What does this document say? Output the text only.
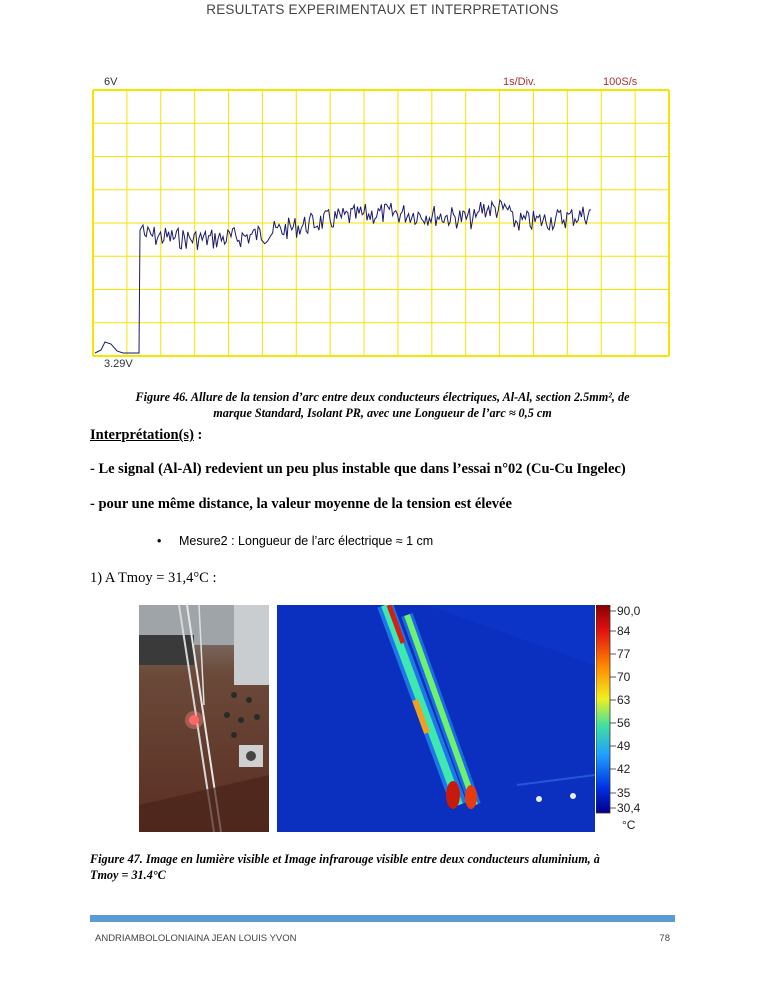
RESULTATS EXPERIMENTAUX ET INTERPRETATIONS
6V	1s/Div.	100S/s
3.29V
Figure 46. Allure de la tension d’arc entre deux conducteurs électriques, Al-Al, section 2.5mm², de
marque Standard, Isolant PR, avec une Longueur de l’arc ≈ 0,5 cm
Interprétation(s) :
- Le signal (Al-Al) redevient un peu plus instable que dans l’essai n°02 (Cu-Cu Ingelec)
- pour une même distance, la valeur moyenne de la tension est élevée
• Mesure2 : Longueur de l’arc électrique ≈ 1 cm
1) A Tmoy = 31,4°C :
90,0
84
77
70
63
56
49
42
35
30,4
°C
Figure 47. Image en lumière visible et Image infrarouge visible entre deux conducteurs aluminium, à
Tmoy = 31.4°C
ANDRIAMBOLOLONIAINA JEAN LOUIS YVON	78
